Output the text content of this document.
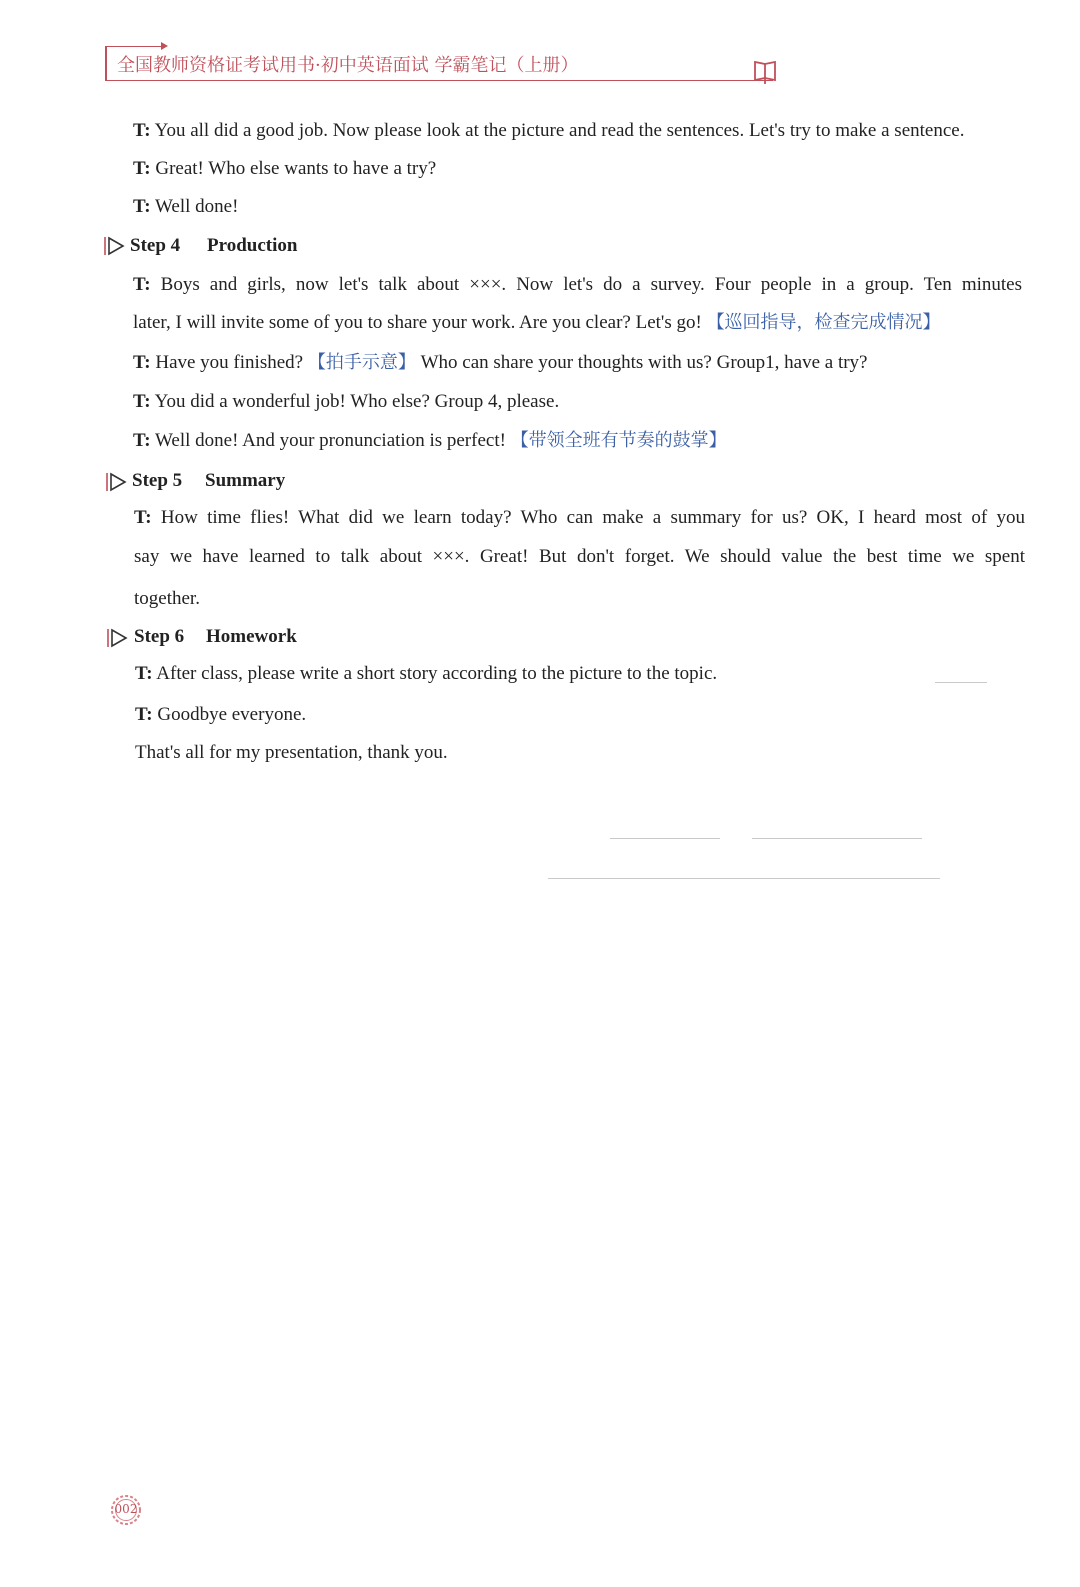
全国教师资格证考试用书·初中英语面试 学霸笔记（上册）
T: You all did a good job. Now please look at the picture and read the sentences. Let's try to make a sentence.
T: Great! Who else wants to have a try?
T: Well done!
Step 4 Production
T: Boys and girls, now let's talk about ×××. Now let's do a survey. Four people in a group. Ten minutes
later, I will invite some of you to share your work. Are you clear? Let's go! 【巡回指导，检查完成情况】
T: Have you finished? 【拍手示意】 Who can share your thoughts with us? Group1, have a try?
T: You did a wonderful job! Who else? Group 4, please.
T: Well done! And your pronunciation is perfect! 【带领全班有节奏的鼓掌】
Step 5 Summary
T: How time flies! What did we learn today? Who can make a summary for us? OK, I heard most of you
say we have learned to talk about ×××. Great! But don't forget. We should value the best time we spent
together.
Step 6 Homework
T: After class, please write a short story according to the picture to the topic.
T: Goodbye everyone.
That's all for my presentation, thank you.
002
